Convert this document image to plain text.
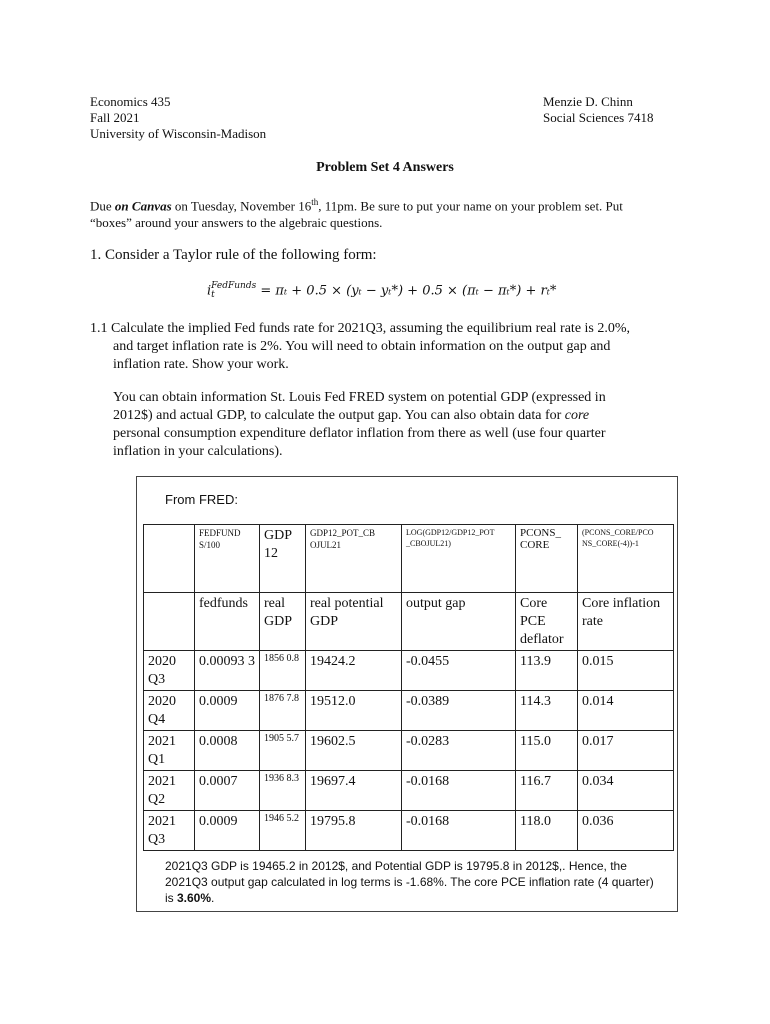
Economics 435
Fall 2021
University of Wisconsin-Madison
Menzie D. Chinn
Social Sciences 7418
Problem Set 4 Answers
Due on Canvas on Tuesday, November 16th, 11pm. Be sure to put your name on your problem set. Put
“boxes” around your answers to the algebraic questions.
1. Consider a Taylor rule of the following form:
i FedFunds
t	= πₜ + 0.5 × (yₜ − yₜ*) + 0.5 × (πₜ − πₜ*) + rₜ*
1.1 Calculate the implied Fed funds rate for 2021Q3, assuming the equilibrium real rate is 2.0%,
and target inflation rate is 2%. You will need to obtain information on the output gap and
inflation rate. Show your work.
You can obtain information St. Louis Fed FRED system on potential GDP (expressed in
2012$) and actual GDP, to calculate the output gap. You can also obtain data for core
personal consumption expenditure deflator inflation from there as well (use four quarter
inflation in your calculations).
From FRED:
	FEDFUND S/100	GDP 12	GDP12_POT_CB OJUL21	LOG(GDP12/GDP12_POT _CBOJUL21)	PCONS_ CORE	(PCONS_CORE/PCO NS_CORE(-4))-1
	fedfunds	real GDP	real potential GDP	output gap	Core PCE deflator	Core inflation rate
2020 Q3	0.00093 3	1856 0.8	19424.2	-0.0455	113.9	0.015
2020 Q4	0.0009	1876 7.8	19512.0	-0.0389	114.3	0.014
2021 Q1	0.0008	1905 5.7	19602.5	-0.0283	115.0	0.017
2021 Q2	0.0007	1936 8.3	19697.4	-0.0168	116.7	0.034
2021 Q3	0.0009	1946 5.2	19795.8	-0.0168	118.0	0.036
2021Q3 GDP is 19465.2 in 2012$, and Potential GDP is 19795.8 in 2012$,. Hence, the 2021Q3 output gap calculated in log terms is -1.68%. The core PCE inflation rate (4 quarter) is 3.60%.
